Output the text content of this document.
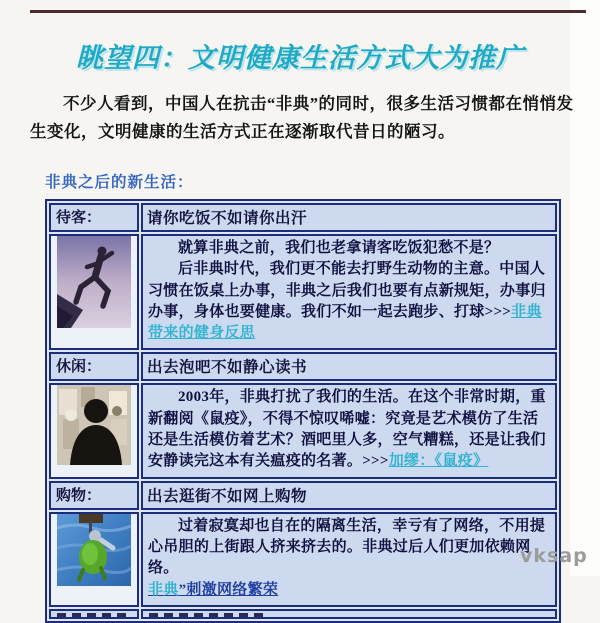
眺望四：文明健康生活方式大为推广

不少人看到，中国人在抗击“非典”的同时，很多生活习惯都在悄悄发生变化，文明健康的生活方式正在逐渐取代昔日的陋习。

非典之后的新生活：
待客：	请你吃饭不如请你出汗

就算非典之前，我们也老拿请客吃饭犯愁不是？

后非典时代，我们更不能去打野生动物的主意。中国人习惯在饭桌上办事，非典之后我们也要有点新规矩，办事归办事，身体也要健康。我们不如一起去跑步、打球>>>非典带来的健身反思

休闲：	出去泡吧不如静心读书

2003年，非典打扰了我们的生活。在这个非常时期，重新翻阅《鼠疫》，不得不惊叹唏嘘：究竟是艺术模仿了生活还是生活模仿着艺术？酒吧里人多，空气糟糕，还是让我们安静读完这本有关瘟疫的名著。>>>加缪：《鼠疫》

购物：	出去逛街不如网上购物

过着寂寞却也自在的隔离生活，幸亏有了网络，不用提心吊胆的上街跟人挤来挤去的。非典过后人们更加依赖网络。

非典”刺激网络繁荣

vksap
